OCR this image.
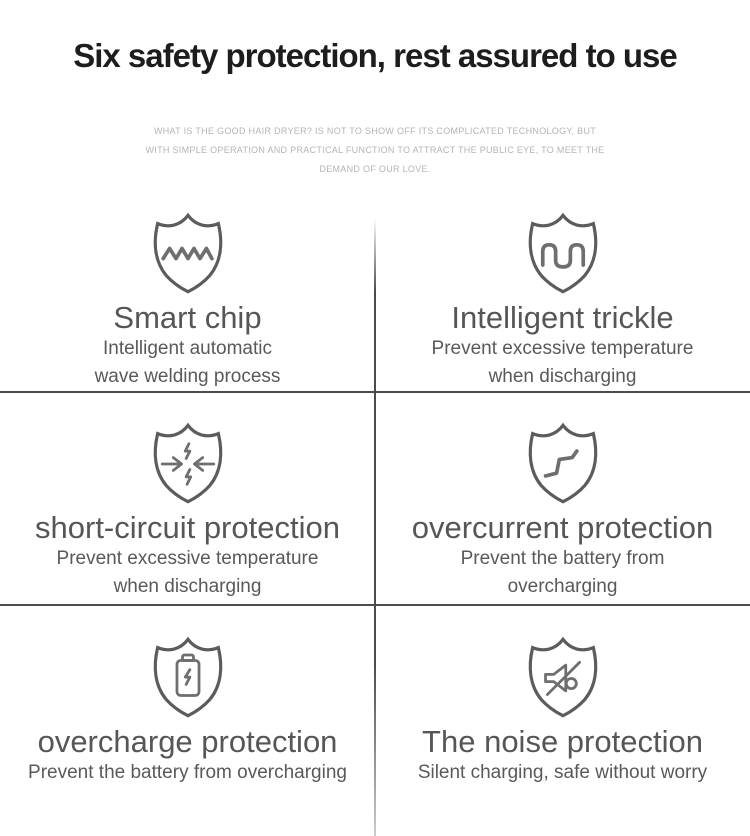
Six safety protection, rest assured to use
WHAT IS THE GOOD HAIR DRYER? IS NOT TO SHOW OFF ITS COMPLICATED TECHNOLOGY, BUT
WITH SIMPLE OPERATION AND PRACTICAL FUNCTION TO ATTRACT THE PUBLIC EYE, TO MEET THE
DEMAND OF OUR LOVE.
Smart chip
Intelligent automatic
wave welding process
Intelligent trickle
Prevent excessive temperature
when discharging
short-circuit protection
Prevent excessive temperature
when discharging
overcurrent protection
Prevent the battery from
overcharging
overcharge protection
Prevent the battery from overcharging
The noise protection
Silent charging, safe without worry
